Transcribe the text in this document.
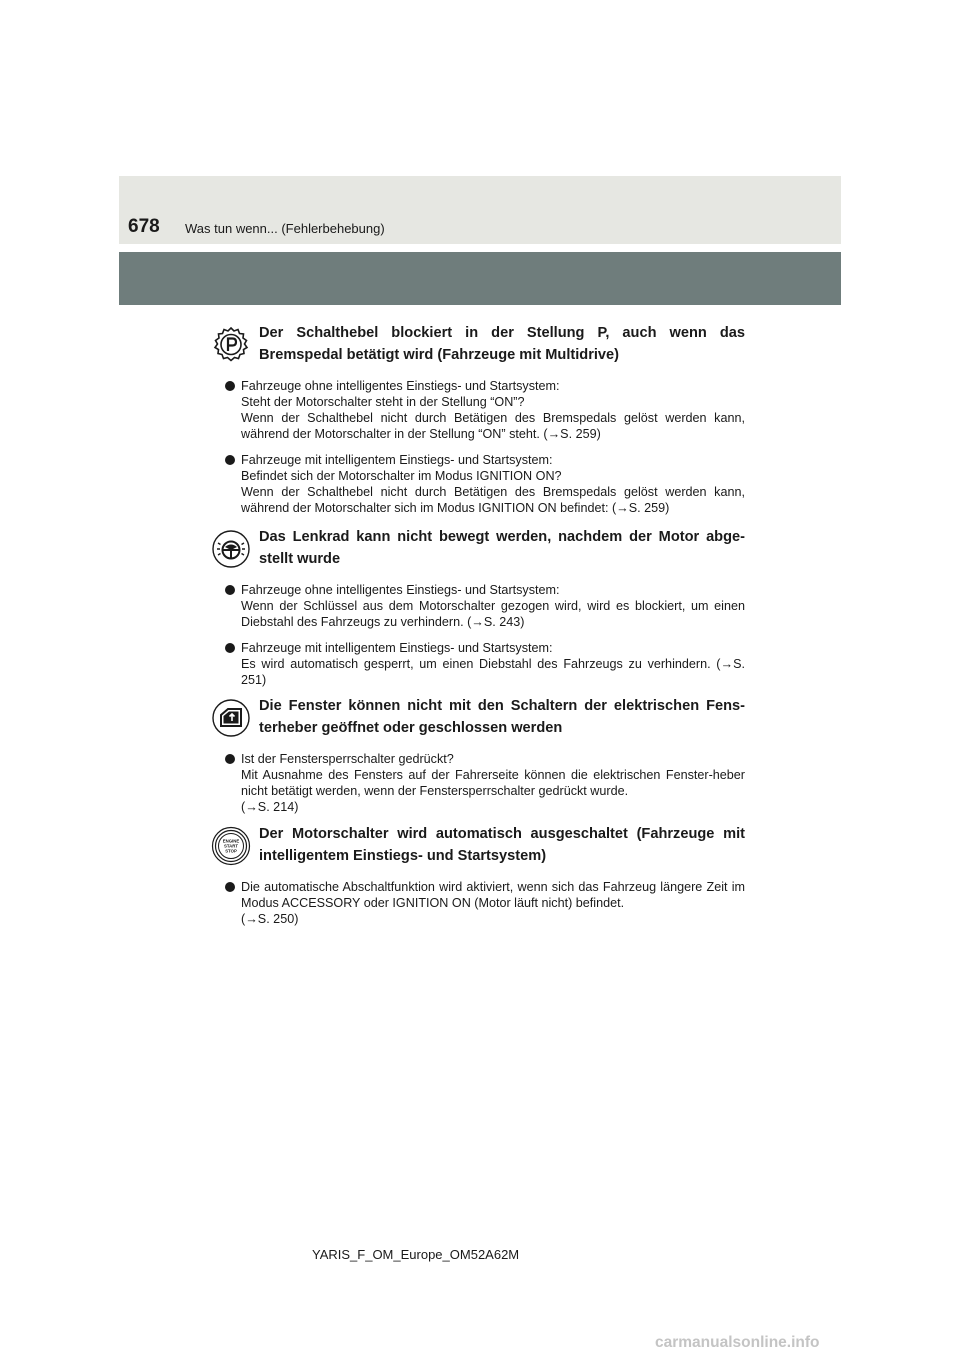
678 Was tun wenn... (Fehlerbehebung)
Der Schalthebel blockiert in der Stellung P, auch wenn das Bremspedal betätigt wird (Fahrzeuge mit Multidrive)
Fahrzeuge ohne intelligentes Einstiegs- und Startsystem:
Steht der Motorschalter steht in der Stellung “ON”?
Wenn der Schalthebel nicht durch Betätigen des Bremspedals gelöst werden kann, während der Motorschalter in der Stellung “ON” steht. (→S. 259)
Fahrzeuge mit intelligentem Einstiegs- und Startsystem:
Befindet sich der Motorschalter im Modus IGNITION ON?
Wenn der Schalthebel nicht durch Betätigen des Bremspedals gelöst werden kann, während der Motorschalter sich im Modus IGNITION ON befindet: (→S. 259)
Das Lenkrad kann nicht bewegt werden, nachdem der Motor abge-stellt wurde
Fahrzeuge ohne intelligentes Einstiegs- und Startsystem:
Wenn der Schlüssel aus dem Motorschalter gezogen wird, wird es blockiert, um einen Diebstahl des Fahrzeugs zu verhindern. (→S. 243)
Fahrzeuge mit intelligentem Einstiegs- und Startsystem:
Es wird automatisch gesperrt, um einen Diebstahl des Fahrzeugs zu verhindern. (→S. 251)
Die Fenster können nicht mit den Schaltern der elektrischen Fens-terheber geöffnet oder geschlossen werden
Ist der Fenstersperrschalter gedrückt?
Mit Ausnahme des Fensters auf der Fahrerseite können die elektrischen Fenster-heber nicht betätigt werden, wenn der Fenstersperrschalter gedrückt wurde.
(→S. 214)
ENGINE
START
STOP
Der Motorschalter wird automatisch ausgeschaltet (Fahrzeuge mit intelligentem Einstiegs- und Startsystem)
Die automatische Abschaltfunktion wird aktiviert, wenn sich das Fahrzeug längere Zeit im Modus ACCESSORY oder IGNITION ON (Motor läuft nicht) befindet.
(→S. 250)
YARIS_F_OM_Europe_OM52A62M
carmanualsonline.info
